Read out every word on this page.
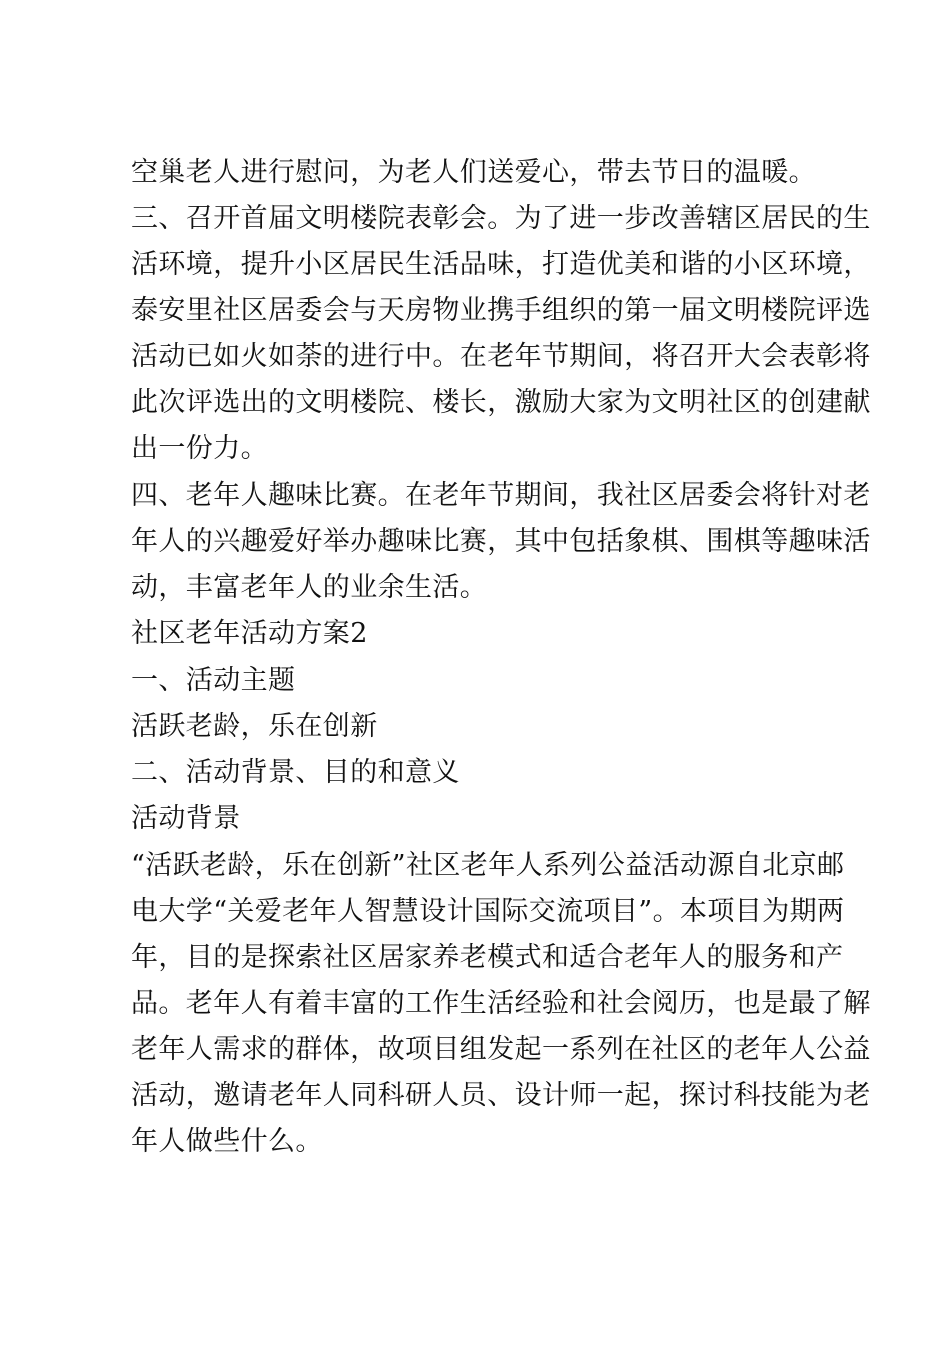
空巢老人进行慰问，为老人们送爱心，带去节日的温暖。
三、召开首届文明楼院表彰会。为了进一步改善辖区居民的生
活环境，提升小区居民生活品味，打造优美和谐的小区环境，
泰安里社区居委会与天房物业携手组织的第一届文明楼院评选
活动已如火如荼的进行中。在老年节期间，将召开大会表彰将
此次评选出的文明楼院、楼长，激励大家为文明社区的创建献
出一份力。
四、老年人趣味比赛。在老年节期间，我社区居委会将针对老
年人的兴趣爱好举办趣味比赛，其中包括象棋、围棋等趣味活
动，丰富老年人的业余生活。
社区老年活动方案2
一、活动主题
活跃老龄，乐在创新
二、活动背景、目的和意义
活动背景
“活跃老龄，乐在创新”社区老年人系列公益活动源自北京邮
电大学“关爱老年人智慧设计国际交流项目”。本项目为期两
年，目的是探索社区居家养老模式和适合老年人的服务和产
品。老年人有着丰富的工作生活经验和社会阅历，也是最了解
老年人需求的群体，故项目组发起一系列在社区的老年人公益
活动，邀请老年人同科研人员、设计师一起，探讨科技能为老
年人做些什么。
